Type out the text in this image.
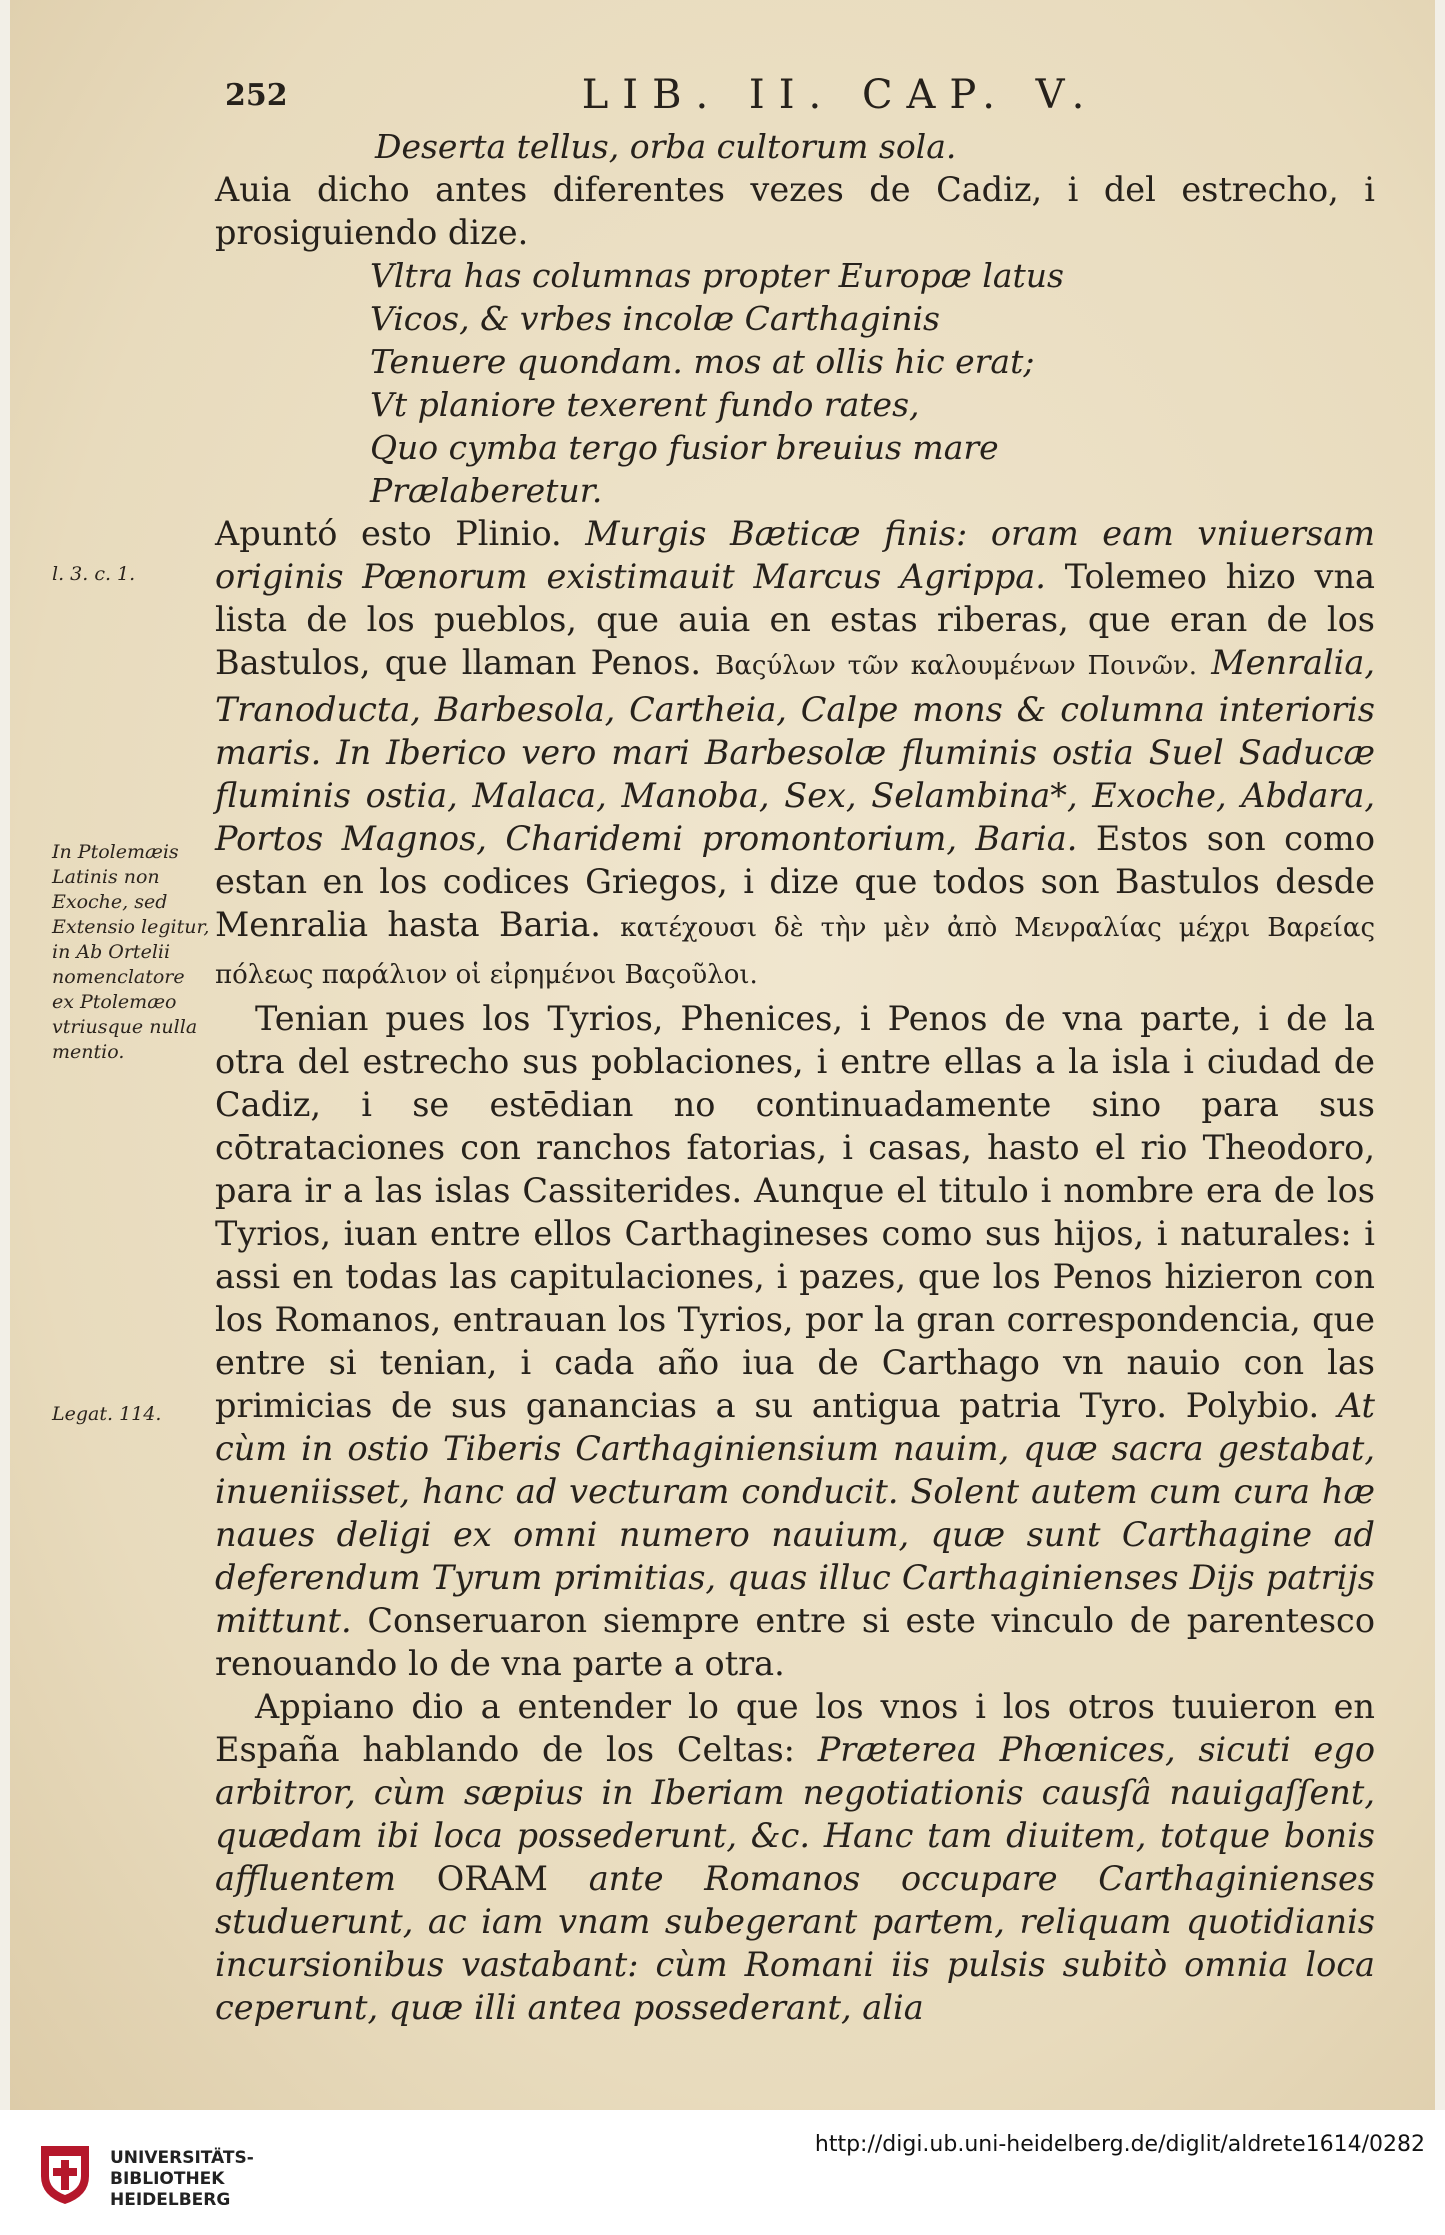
252	LIB. II. CAP. V.
l. 3. c. 1.
In Ptolemæis Latinis non Exoche, sed Extensio legitur, in Ab Ortelii nomenclatore ex Ptolemæo vtriusque nulla mentio.
Legat. 114.
Deserta tellus, orba cultorum sola.

Auia dicho antes diferentes vezes de Cadiz, i del estrecho, i prosiguiendo dize.

Vltra has columnas propter Europæ latus
Vicos, & vrbes incolæ Carthaginis
Tenuere quondam. mos at ollis hic erat;
Vt planiore texerent fundo rates,
Quo cymba tergo fusior breuius mare
Prælaberetur.

Apuntó esto Plinio. Murgis Bæticæ finis: oram eam vniuersam originis Pœnorum existimauit Marcus Agrippa. Tolemeo hizo vna lista de los pueblos, que auia en estas riberas, que eran de los Bastulos, que llaman Penos. Βαςύλων τῶν καλουμένων Ποινῶν. Menralia, Tranoducta, Barbesola, Cartheia, Calpe mons & columna interioris maris. In Iberico vero mari Barbesolæ fluminis ostia Suel Saducæ fluminis ostia, Malaca, Manoba, Sex, Selambina*, Exoche, Abdara, Portos Magnos, Charidemi promontorium, Baria. Estos son como estan en los codices Griegos, i dize que todos son Bastulos desde Menralia hasta Baria. κατέχουσι δὲ τὴν μὲν ἀπὸ Μενραλίας μέχρι Βαρείας πόλεως παράλιον οἱ εἰρημένοι Βαςοῦλοι.

Tenian pues los Tyrios, Phenices, i Penos de vna parte, i de la otra del estrecho sus poblaciones, i entre ellas a la isla i ciudad de Cadiz, i se estēdian no continuadamente sino para sus cōtrataciones con ranchos fatorias, i casas, hasto el rio Theodoro, para ir a las islas Cassiterides. Aunque el titulo i nombre era de los Tyrios, iuan entre ellos Carthagineses como sus hijos, i naturales: i assi en todas las capitulaciones, i pazes, que los Penos hizieron con los Romanos, entrauan los Tyrios, por la gran correspondencia, que entre si tenian, i cada año iua de Carthago vn nauio con las primicias de sus ganancias a su antigua patria Tyro. Polybio. At cùm in ostio Tiberis Carthaginiensium nauim, quæ sacra gestabat, inueniisset, hanc ad vecturam conducit. Solent autem cum cura hæ naues deligi ex omni numero nauium, quæ sunt Carthagine ad deferendum Tyrum primitias, quas illuc Carthaginienses Dijs patrijs mittunt. Conseruaron siempre entre si este vinculo de parentesco renouando lo de vna parte a otra.

Appiano dio a entender lo que los vnos i los otros tuuieron en España hablando de los Celtas: Præterea Phœnices, sicuti ego arbitror, cùm sæpius in Iberiam negotiationis causſâ nauigaſſent, quædam ibi loca possederunt, &c. Hanc tam diuitem, totque bonis affluentem ORAM ante Romanos occupare Carthaginienses studuerunt, ac iam vnam subegerant partem, reliquam quotidianis incursionibus vastabant: cùm Romani iis pulsis subitò omnia loca ceperunt, quæ illi antea possederant, alia

UNIVERSITÄTS-
BIBLIOTHEK
HEIDELBERG
http://digi.ub.uni-heidelberg.de/diglit/aldrete1614/0282
